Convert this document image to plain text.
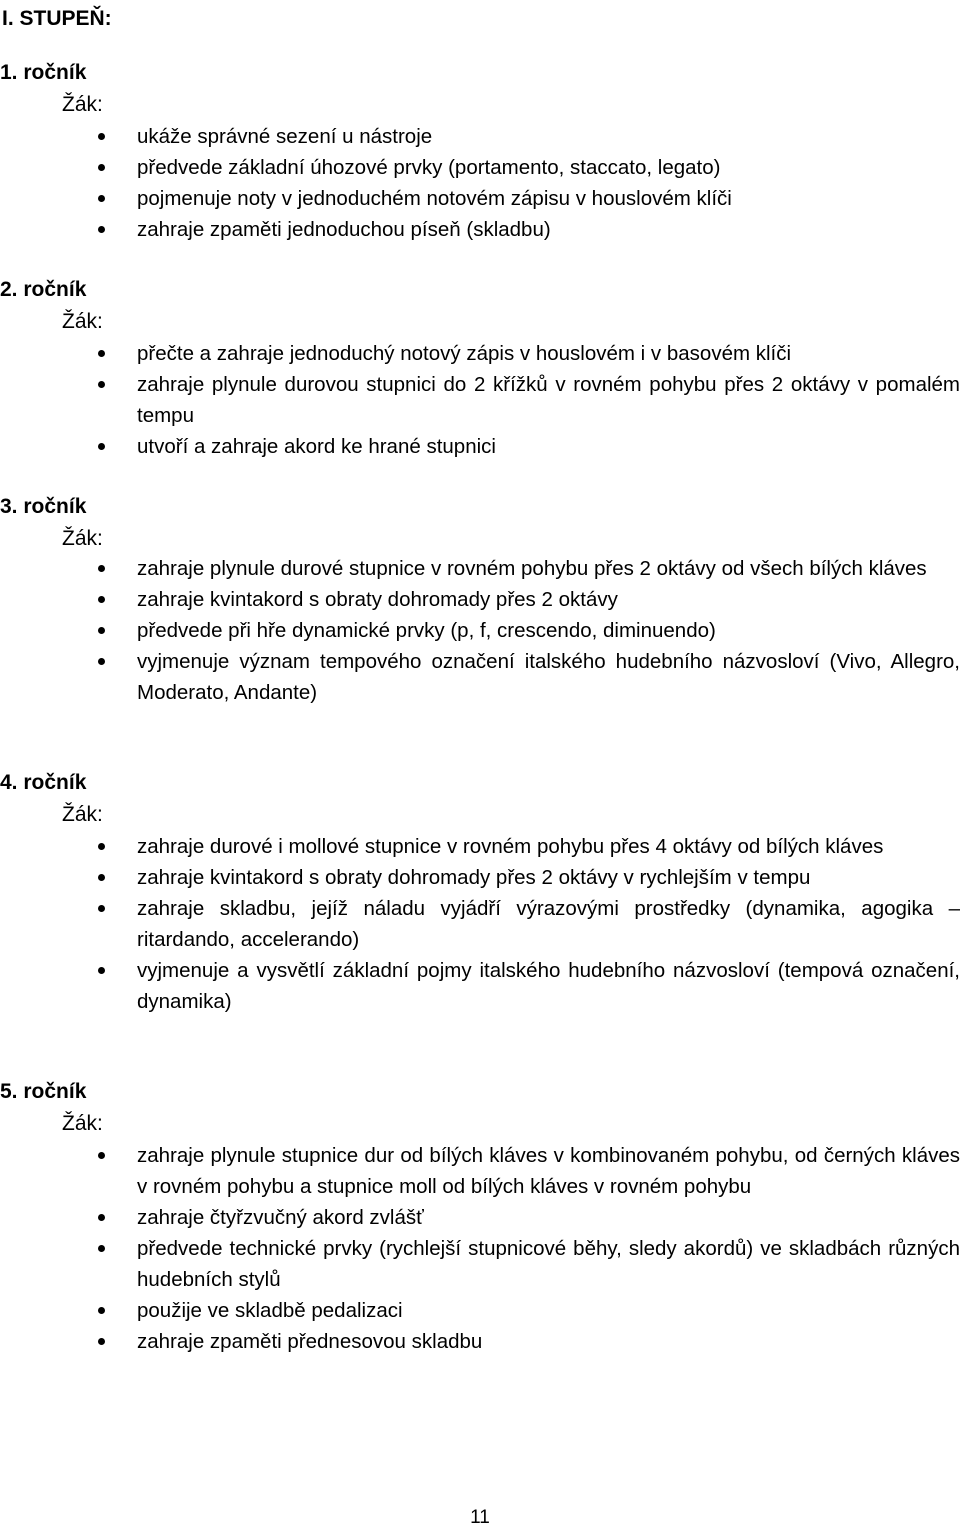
I. STUPEŇ:
1. ročník
Žák:
ukáže správné sezení u nástroje
předvede základní úhozové prvky (portamento, staccato, legato)
pojmenuje noty v jednoduchém notovém zápisu v houslovém klíči
zahraje zpaměti jednoduchou píseň (skladbu)
2. ročník
Žák:
přečte a zahraje jednoduchý notový zápis v houslovém i v basovém klíči
zahraje plynule durovou stupnici do 2 křížků v rovném pohybu přes 2 oktávy v pomalém tempu
utvoří a zahraje akord ke hrané stupnici
3. ročník
Žák:
zahraje plynule durové stupnice v rovném pohybu přes 2 oktávy od všech bílých kláves
zahraje kvintakord s obraty dohromady přes 2 oktávy
předvede při hře dynamické prvky (p, f, crescendo, diminuendo)
vyjmenuje význam tempového označení italského hudebního názvosloví (Vivo, Allegro, Moderato, Andante)
4. ročník
Žák:
zahraje durové i mollové stupnice v rovném pohybu přes 4 oktávy od bílých kláves
zahraje kvintakord s obraty dohromady přes 2 oktávy v rychlejším v tempu
zahraje skladbu, jejíž náladu vyjádří výrazovými prostředky (dynamika, agogika – ritardando, accelerando)
vyjmenuje a vysvětlí základní pojmy italského hudebního názvosloví (tempová označení, dynamika)
5. ročník
Žák:
zahraje plynule stupnice dur od bílých kláves v kombinovaném pohybu, od černých kláves v rovném pohybu a stupnice moll od bílých kláves v rovném pohybu
zahraje čtyřzvučný akord zvlášť
předvede technické prvky (rychlejší stupnicové běhy, sledy akordů) ve skladbách různých hudebních stylů
použije ve skladbě pedalizaci
zahraje zpaměti přednesovou skladbu
11
